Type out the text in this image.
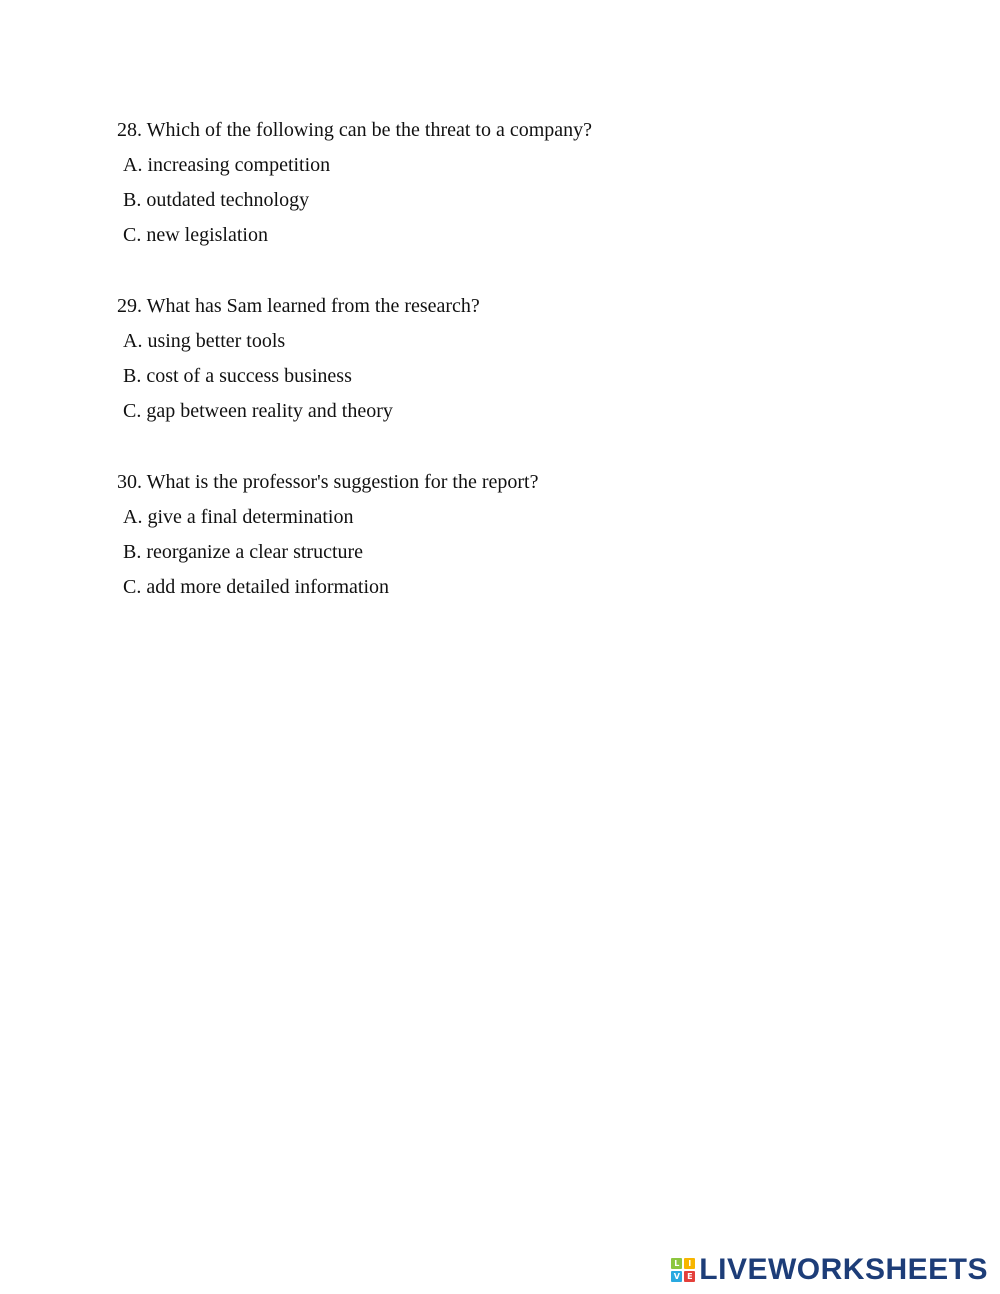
28. Which of the following can be the threat to a company?
A. increasing competition
B. outdated technology
C. new legislation
29. What has Sam learned from the research?
A. using better tools
B. cost of a success business
C. gap between reality and theory
30. What is the professor's suggestion for the report?
A. give a final determination
B. reorganize a clear structure
C. add more detailed information
L	I
V E LIVEWORKSHEETS
